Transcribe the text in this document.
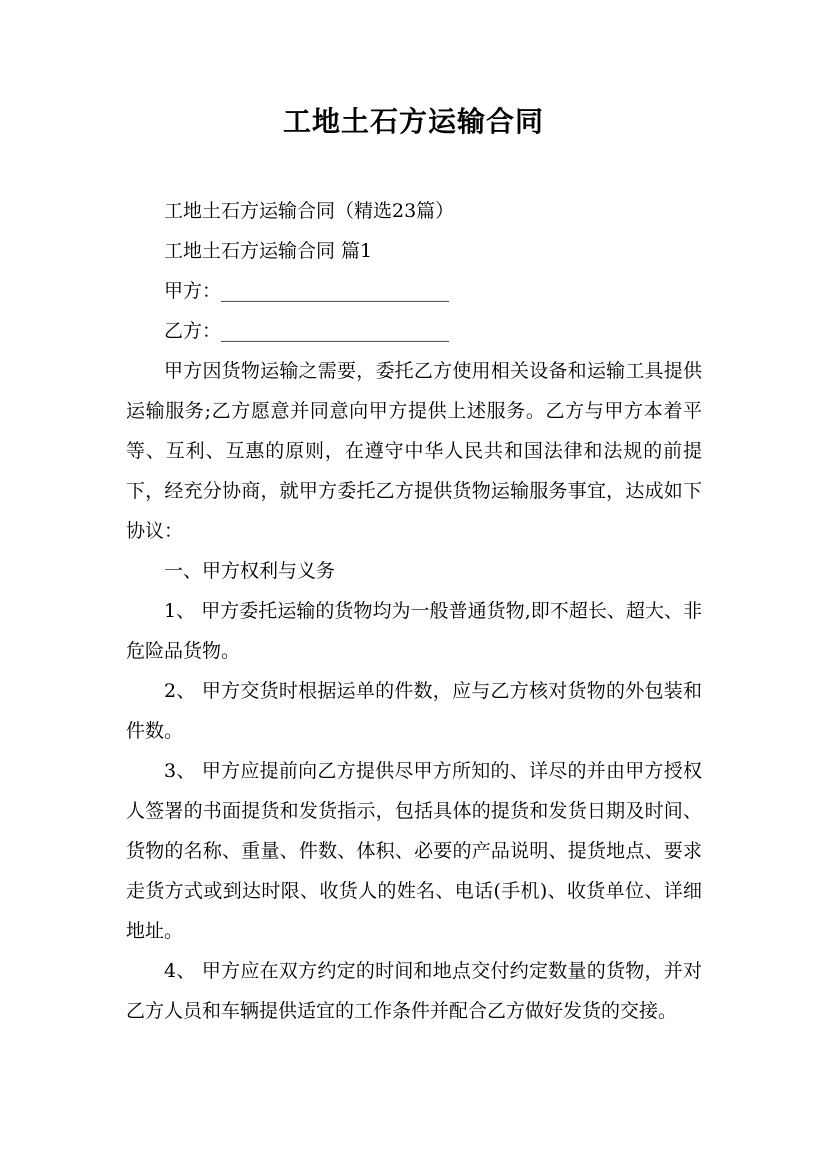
工地土石方运输合同

工地土石方运输合同（精选23篇）

工地土石方运输合同 篇1

甲方：________________________

乙方：________________________

甲方因货物运输之需要，委托乙方使用相关设备和运输工具提供运输服务;乙方愿意并同意向甲方提供上述服务。乙方与甲方本着平等、互利、互惠的原则，在遵守中华人民共和国法律和法规的前提下，经充分协商，就甲方委托乙方提供货物运输服务事宜，达成如下协议：

一、甲方权利与义务

1、 甲方委托运输的货物均为一般普通货物,即不超长、超大、非危险品货物。

2、 甲方交货时根据运单的件数，应与乙方核对货物的外包装和件数。

3、 甲方应提前向乙方提供尽甲方所知的、详尽的并由甲方授权人签署的书面提货和发货指示，包括具体的提货和发货日期及时间、货物的名称、重量、件数、体积、必要的产品说明、提货地点、要求走货方式或到达时限、收货人的姓名、电话(手机)、收货单位、详细地址。

4、 甲方应在双方约定的时间和地点交付约定数量的货物，并对乙方人员和车辆提供适宜的工作条件并配合乙方做好发货的交接。
